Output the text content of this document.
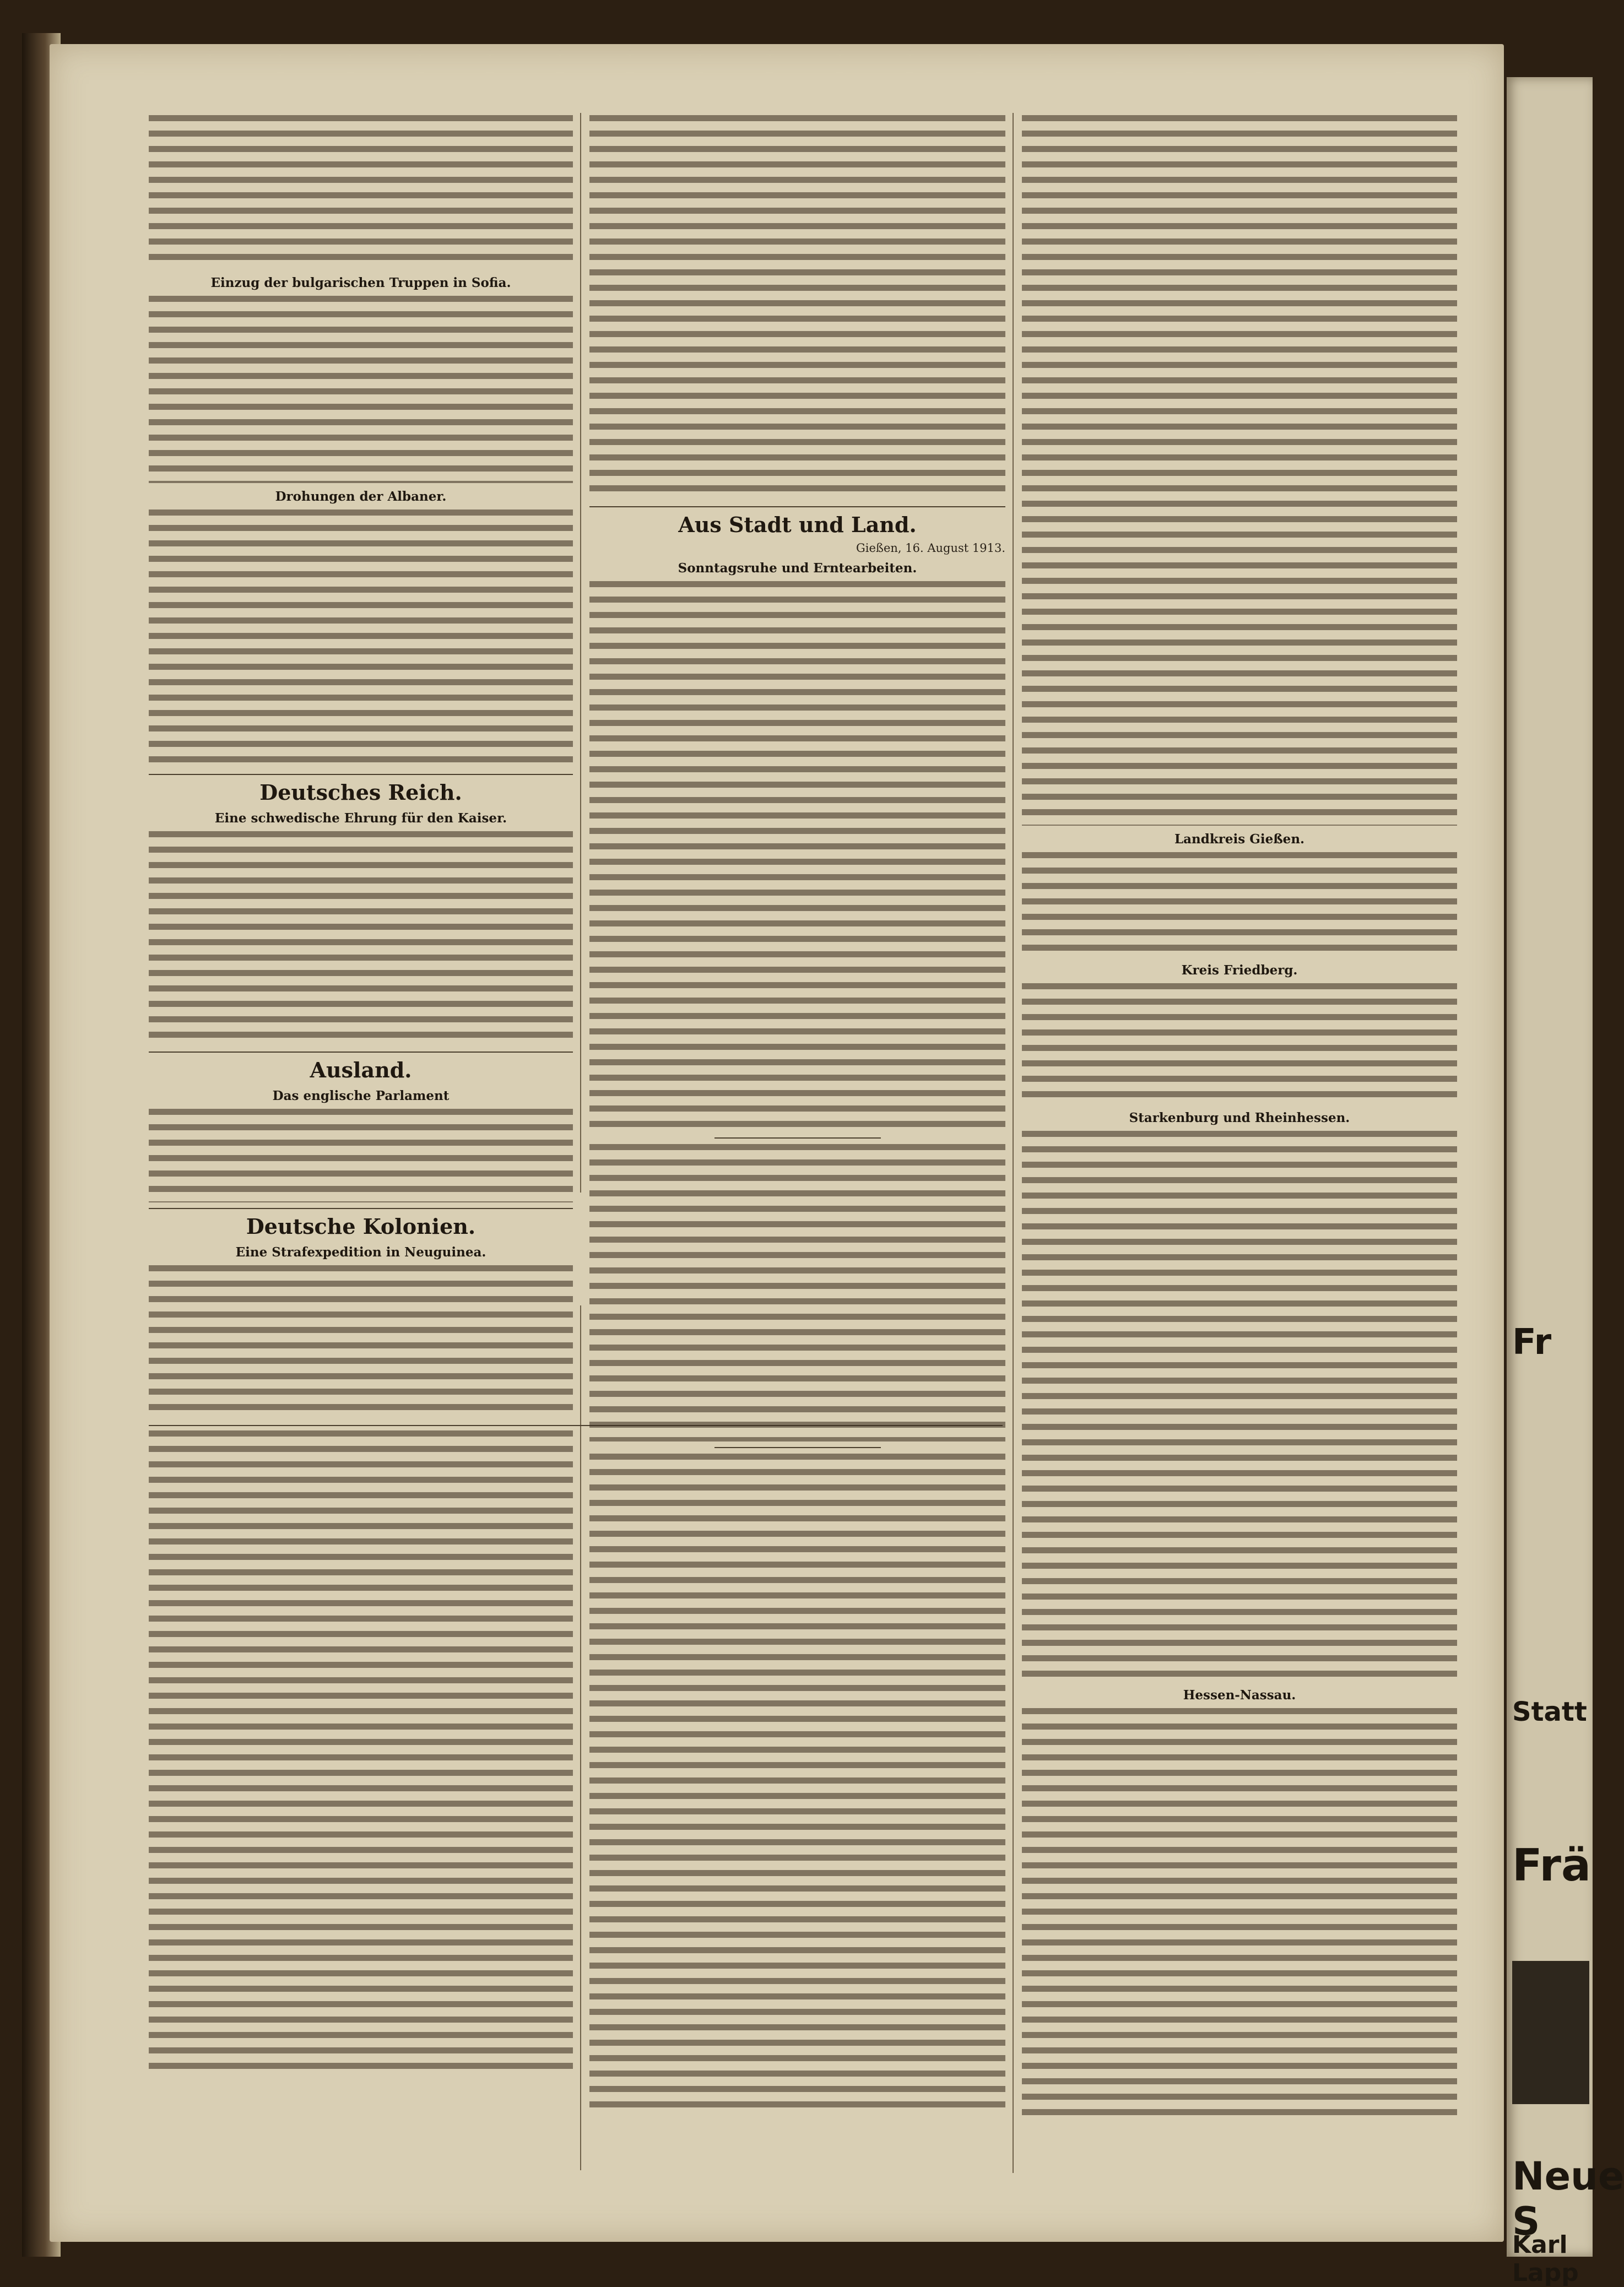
Fr
Statt
Frä
Neue S
Karl Lapp
Einzug der bulgarischen Truppen in Sofia.
Drohungen der Albaner.
Deutsches Reich.
Eine schwedische Ehrung für den Kaiser.
Ausland.
Das englische Parlament
Deutsche Kolonien.
Eine Strafexpedition in Neuguinea.
Aus Stadt und Land.
Gießen, 16. August 1913.
Sonntagsruhe und Erntearbeiten.
Landkreis Gießen.
Kreis Friedberg.
Starkenburg und Rheinhessen.
Hessen-Nassau.
